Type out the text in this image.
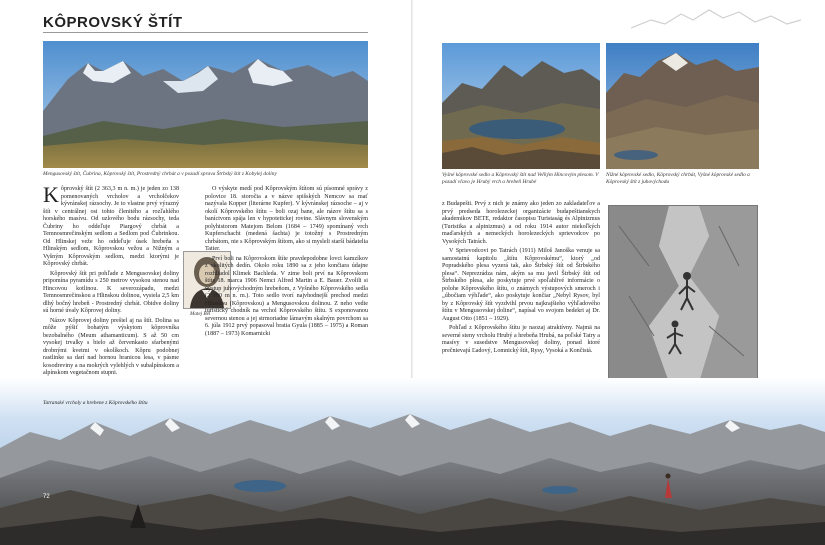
KÔPROVSKÝ ŠTÍT
Mengusovský štít, Čubrina, Kôprovský štít, Prostredný chrbát a v pozadí sprava Štrbský štít z Kobylej doliny

Kôprovský štít (2 363,3 m n. m.) je jeden zo 138 pomenovaných vrcholov a vrcholčekov kývránskej rázsochy. Je to vlastne prvý výrazný štít v centrálnej osi tohto členitého a rozľahlého horského masívu. Od uzlového bodu rázsochy, teda Čubriny ho oddeľuje Piargový chrbát a Temnosmrečinským sedlom a Sedlom pod Čubrinkou. Od Hlinskej veže ho oddeľuje úsek hrebeňa s Hlinským sedlom, Kôprovskou vežou a Nižným a Vyšným Kôprovským sedlom, medzi ktorými je Kôprovský chrbát.

Kôprovský štít pri pohľade z Mengusovskej doliny pripomína pyramídu s 250 metrov vysokou stenou nad Hincovou kotlinou. K severozápadu, medzi Temnosmrečinskou a Hlinskou dolinou, vysiela 2,5 km dlhý bočný hrebeň - Prostredný chrbát. Obidve doliny sú horné úvaly Kôprovej doliny.

Názov Kôprovej doliny prešiel aj na štít. Dolina sa môže pýšiť bohatým výskytom kôprovníka bezobalného (Meum athamanticum). S až 50 cm vysokej trvalky s bielo až červenkasto sfarbenými drobnými kvetmi v okolíkoch. Kôpru podobnej rastlinke sa darí nad hornou hranicou lesa, v pásme kosodreviny a na mokrých vylehlých v subalpínskom a alpínskom vegetačnom stupni.

Matej Bel

O výskyte medí pod Kôprovským štítom sú písomné správy z polovice 18. storočia a v názve spišských Nemcov sa mať nazývala Kopper (literárne Kupfer). V kývránskej rázsoche – aj v okolí Kôprovského štítu – boli ozaj bane, ale názov štítu sa s baníctvom spája len v hypotetickej rovine. Slávnym slovenským polyhistorom Matejom Belom (1684 – 1749) spomínaný vrch Kupferschacht (medená šachta) je totožný s Prostredným chrbátom, nie s Kôprovským štítom, ako si mysleli starší bádatelia Tatier.

Prví boli na Kôprovskom štíte pravdepodobne lovci kamzíkov z okolitých dedín. Okolo roku 1890 sa z jeho končiara údajne rozhliadol Klimek Bachleda. V zime boli prví na Kôprovskom štíte 18. marca 1906 Nemci Alfred Martin a E. Bauer. Zvolili si výstup juhovýchodným hrebeňom, z Vyšného Kôprovského sedla (2 180 m n. m.). Toto sedlo tvorí najvhodnejší prechod medzi Hlinskou (Kôprovskou) a Mengusovskou dolinou. Z neho vedie turistický chodník na vrchol Kôprovského štítu. S exponovanou severnou stenou a jej strmoriadne lámavým skalným povrchom sa 6. júla 1912 prvý popasoval bratia Gyula (1885 – 1975) a Roman (1887 – 1973) Komarnicki

Vyšné kôprovské sedlo a Kôprovský štít nad Veľkým Hincovým plesom. V pozadí vľavo je Hrubý vrch a hrebeň Hrubé
Nižné kôprovské sedlo, Kôprovský chrbát, Vyšné kôprovské sedlo a Kôprovský štít z juhovýchodu

z Budapešti. Prvý z nich je známy ako jeden zo zakladateľov a prvý predseda horolezeckej organizácie budapeštianskych akademikov BETE, redaktor časopisu Turistaság és Alpinizmus (Turistika a alpinizmus) a od roku 1914 autor niekoľkých maďarských a nemeckých horolezeckých sprievodcov po Vysokých Tatrách.

V Sprievodcovi po Tatrách (1911) Miloš Janoška venuje sa samostatnú kapitolu „štítu Kôprovskému“, ktorý „od Popradského plesa vyzerá tak, ako Štrbský štít od Štrbského plesa“. Neprezrádza nám, akým sa mu javil Štrbský štít od Štrbského plesa, ale poskytuje prvé spoľahlivé informácie o polohe Kôprovského štítu, o známych výstupových smeroch i „úbočiam výhľade“, ako poskytuje končiar „Nebyl Rysov, byl by z Kôprovský štít vyzdvihl prvou najkrajšieho výhľadového štítu v Mengusovskej doline“, napísal vo svojom bedekri aj Dr. August Otto (1851 – 1929).

Pohľad z Kôprovského štítu je naozaj atraktívny. Najmä na severné steny vrcholu Hrubý a hrebeňa Hrubá, na poľské Tatry a masívy v susedstve Mengusovskej doliny, ponad ktoré prečnievajú Ľadový, Lomnický štít, Rysy, Vysoká a Končistá.

Tatranské vrcholy a hrebene z Kôprovského štítu
72
